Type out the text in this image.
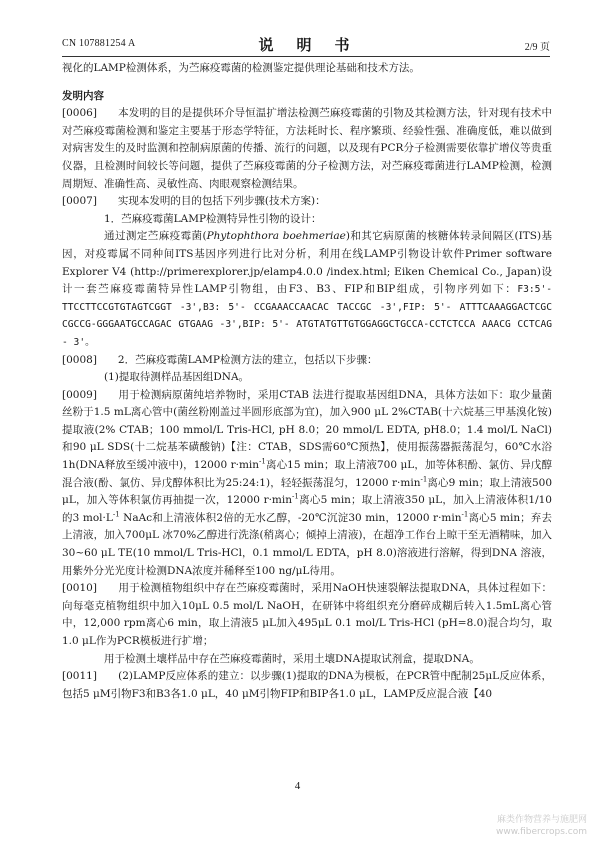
CN 107881254 A	说　明　书	2/9 页

视化的LAMP检测体系，为苎麻疫霉菌的检测鉴定提供理论基础和技术方法。

发明内容

[0006]　　本发明的目的是提供环介导恒温扩增法检测苎麻疫霉菌的引物及其检测方法，针对现有技术中对苎麻疫霉菌检测和鉴定主要基于形态学特征，方法耗时长、程序繁琐、经验性强、准确度低，难以做到对病害发生的及时监测和控制病原菌的传播、流行的问题，以及现有PCR分子检测需要依靠扩增仪等贵重仪器，且检测时间较长等问题，提供了苎麻疫霉菌的分子检测方法，对苎麻疫霉菌进行LAMP检测，检测周期短、准确性高、灵敏性高、肉眼观察检测结果。

[0007]　　实现本发明的目的包括下列步骤(技术方案)：

1．苎麻疫霉菌LAMP检测特异性引物的设计：

通过测定苎麻疫霉菌(Phytophthora boehmeriae)和其它病原菌的核糖体转录间隔区(ITS)基因，对疫霉属不同种间ITS基因序列进行比对分析，利用在线LAMP引物设计软件Primer software Explorer V4 (http://primerexplorer.jp/elamp4.0.0 /index.html; Eiken Chemical Co., Japan)设计一套苎麻疫霉菌特异性LAMP引物组，由F3、B3、FIP和BIP组成，引物序列如下：F3:5'- TTCCTTCCGTGTAGTCGGT -3',B3: 5'- CCGAAACCAACAC TACCGC -3',FIP: 5'- ATTTCAAAGGACTCGC CGCCG-GGGAATGCCAGAC GTGAAG -3',BIP: 5'- ATGTATGTTGTGGAGGCTGCCA-CCTCTCCA AAACG CCTCAG - 3'。

[0008]　　2．苎麻疫霉菌LAMP检测方法的建立，包括以下步骤：

(1)提取待测样品基因组DNA。

[0009]　　用于检测病原菌纯培养物时，采用CTAB 法进行提取基因组DNA，具体方法如下：取少量菌丝粉于1.5 mL离心管中(菌丝粉刚盖过半圆形底部为宜)，加入900 μL 2%CTAB(十六烷基三甲基溴化铵)提取液(2% CTAB；100 mmol/L Tris-HCl, pH 8.0；20 mmol/L EDTA, pH8.0；1.4 mol/L NaCl)和90 μL SDS(十二烷基苯磺酸钠)【注：CTAB，SDS需60℃预热】，使用振荡器振荡混匀，60℃水浴1h(DNA释放至缓冲液中)，12000 $r\cdot\min^{-1}$离心15 min；取上清液700 μL，加等体积酚、氯仿、异戊醇混合液(酚、氯仿、异戊醇体积比为25:24:1)，轻轻振荡混匀，12000 $r\cdot\min^{-1}$离心9 min；取上清液500 μL，加入等体积氯仿再抽提一次，12000 $r\cdot\min^{-1}$离心5 min；取上清液350 μL，加入上清液体积1/10的3 $mol\cdot L^{-1}$ NaAc和上清液体积2倍的无水乙醇，-20℃沉淀30 min，12000 $r\cdot\min^{-1}$离心5 min；弃去上清液，加入700μL 冰70%乙醇进行洗涤(稍离心；倾掉上清液)，在超净工作台上晾干至无酒精味，加入30~60 μL TE(10 mmol/L Tris-HCl，0.1 mmol/L EDTA，pH 8.0)溶液进行溶解，得到DNA 溶液，用紫外分光光度计检测DNA浓度并稀释至100 ng/μL待用。

[0010]　　用于检测植物组织中存在苎麻疫霉菌时，采用NaOH快速裂解法提取DNA，具体过程如下：向每毫克植物组织中加入10μL 0.5 mol/L NaOH，在研钵中将组织充分磨碎成糊后转入1.5mL离心管中，12,000 rpm离心6 min，取上清液5 μL加入495μL 0.1 mol/L Tris-HCl (pH=8.0)混合均匀，取1.0 μL作为PCR模板进行扩增；

用于检测土壤样品中存在苎麻疫霉菌时，采用土壤DNA提取试剂盒，提取DNA。

[0011]　　(2)LAMP反应体系的建立：以步骤(1)提取的DNA为模板，在PCR管中配制25μL反应体系，包括5 μM引物F3和B3各1.0 μL，40 μM引物FIP和BIP各1.0 μL，LAMP反应混合液【40

4
麻类作物营养与施肥网
www.fibercrops.com
